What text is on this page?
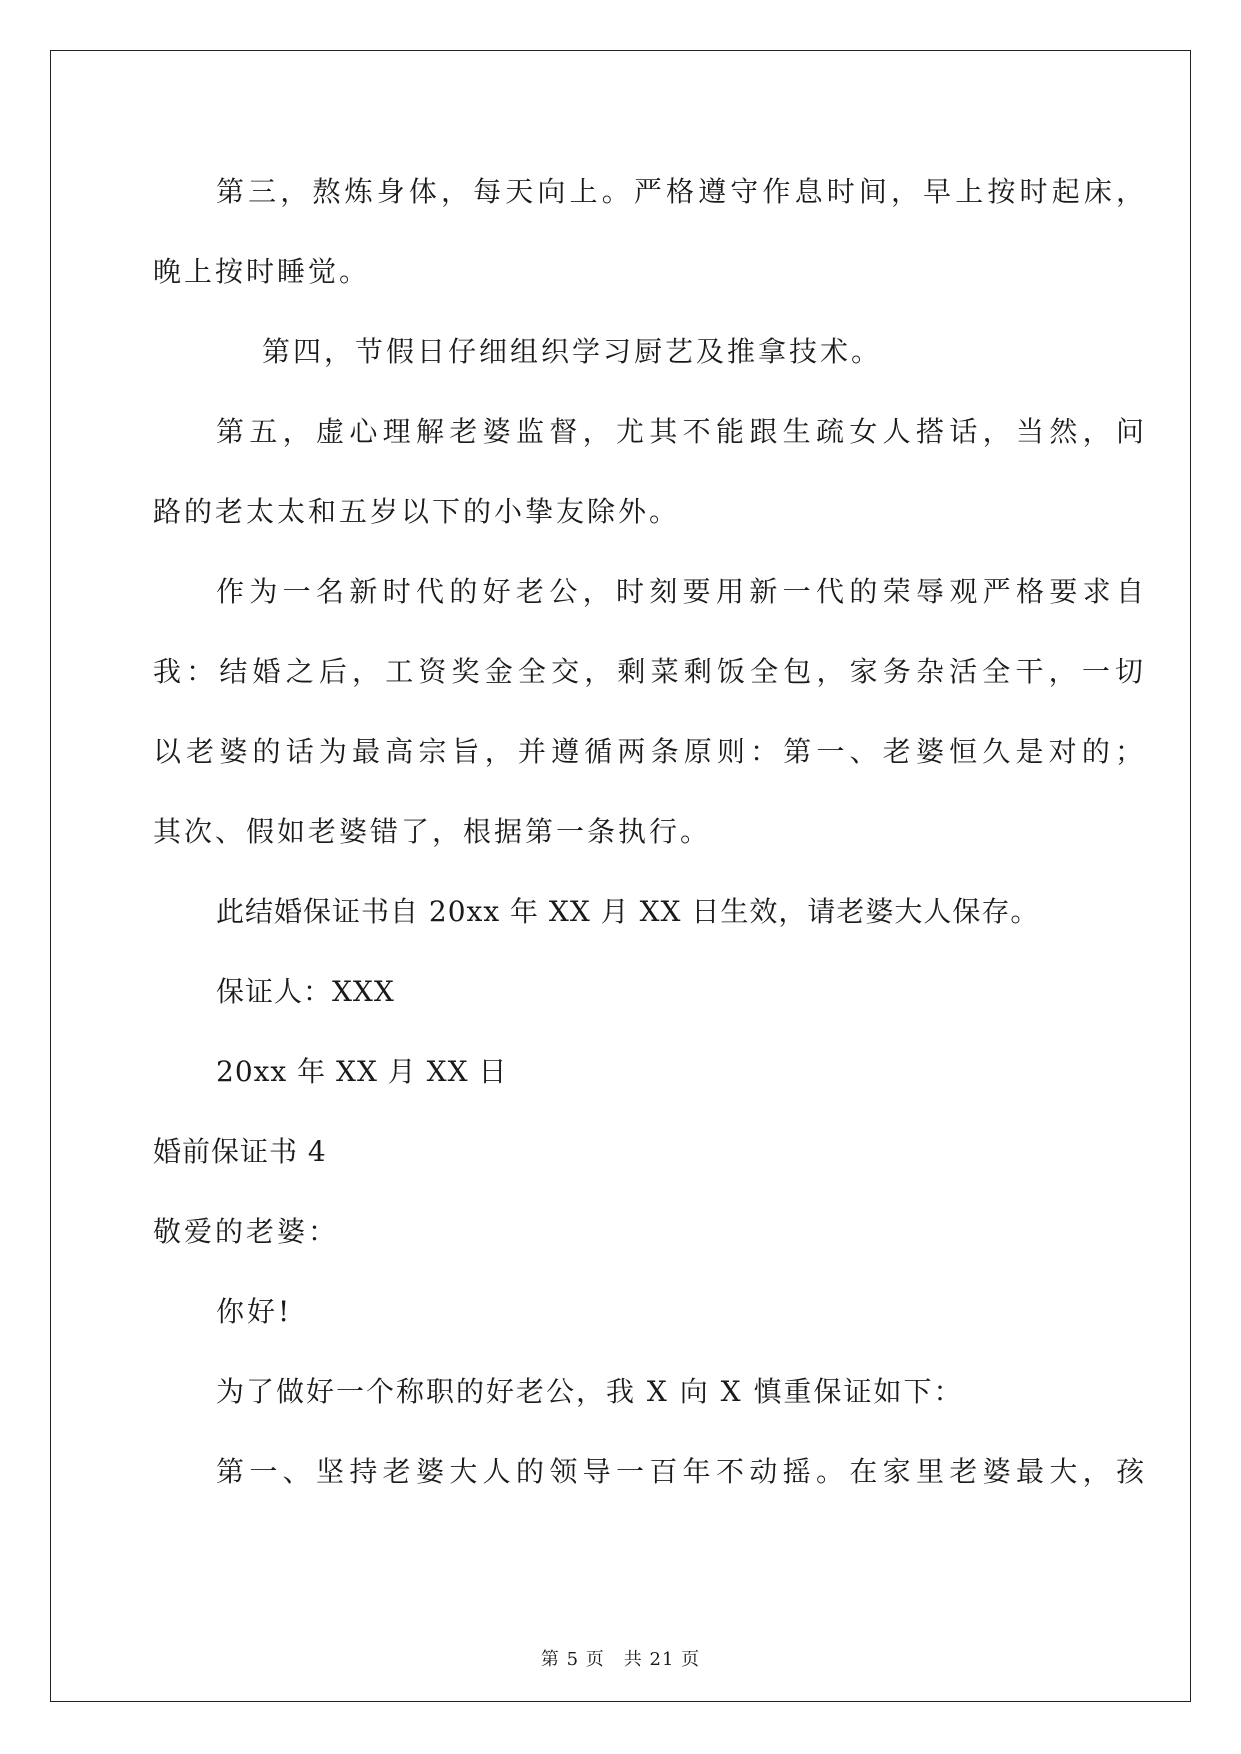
第三，熬炼身体，每天向上。严格遵守作息时间，早上按时起床，
晚上按时睡觉。
第四，节假日仔细组织学习厨艺及推拿技术。
第五，虚心理解老婆监督，尤其不能跟生疏女人搭话，当然，问
路的老太太和五岁以下的小挚友除外。
作为一名新时代的好老公，时刻要用新一代的荣辱观严格要求自
我：结婚之后，工资奖金全交，剩菜剩饭全包，家务杂活全干，一切
以老婆的话为最高宗旨，并遵循两条原则：第一、老婆恒久是对的；
其次、假如老婆错了，根据第一条执行。
此结婚保证书自 20xx 年 XX 月 XX 日生效，请老婆大人保存。
保证人：XXX
20xx 年 XX 月 XX 日
婚前保证书 4
敬爱的老婆：
你好!
为了做好一个称职的好老公，我 X 向 X 慎重保证如下：
第一、坚持老婆大人的领导一百年不动摇。在家里老婆最大，孩
第 5 页　共 21 页
